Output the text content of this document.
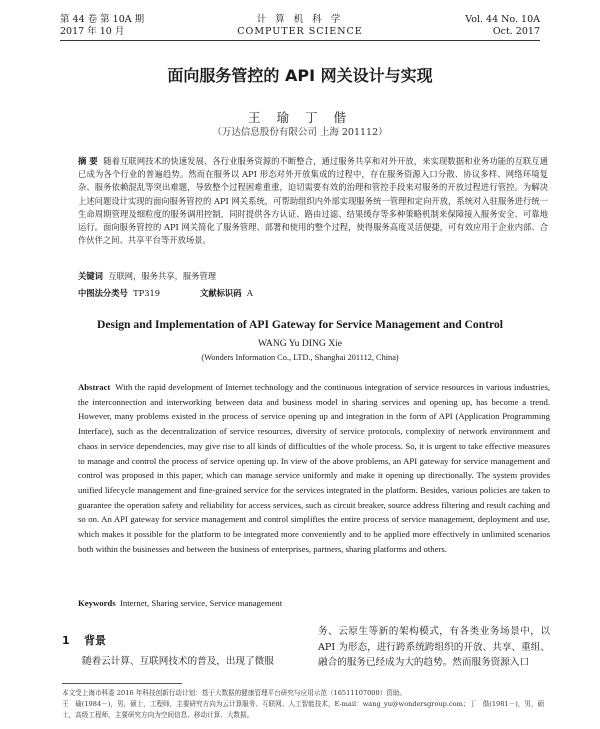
第 44 卷 第 10A 期
2017 年 10 月
计 算 机 科 学
COMPUTER SCIENCE
Vol. 44 No. 10A
Oct. 2017
面向服务管控的 API 网关设计与实现
王 瑜 丁 偕
（万达信息股份有限公司 上海 201112）
摘 要 随着互联网技术的快速发展、各行业服务资源的不断整合，通过服务共享和对外开放，来实现数据和业务功能的互联互通已成为各个行业的普遍趋势。然而在服务以 API 形态对外开放集成的过程中，存在服务资源入口分散、协议多样、网络环境复杂、服务依赖混乱等突出难题，导致整个过程困难重重，迫切需要有效的治理和管控手段来对服务的开放过程进行管控。为解决上述问题设计实现的面向服务管控的 API 网关系统，可帮助组织内外部实现服务统一管理和定向开放，系统对入驻服务进行统一生命周期管理及细粒度的服务调用控制，同时提供各方认证、路由过滤、结果缓存等多种策略机制来保障接入服务安全、可靠地运行。面向服务管控的 API 网关简化了服务管理、部署和使用的整个过程，使得服务高度灵活便捷，可有效应用于企业内部、合作伙伴之间、共享平台等开放场景。
关键词 互联网，服务共享，服务管理
中图法分类号 TP319	文献标识码 A
Design and Implementation of API Gateway for Service Management and Control
WANG Yu DING Xie
(Wonders Information Co., LTD., Shanghai 201112, China)
Abstract With the rapid development of Internet technology and the continuous integration of service resources in various industries, the interconnection and interworking between data and business model in sharing services and opening up, has become a trend. However, many problems existed in the process of service opening up and integration in the form of API (Application Programming Interface), such as the decentralization of service resources, diversity of service protocols, complexity of network environment and chaos in service dependencies, may give rise to all kinds of difficulties of the whole process. So, it is urgent to take effective measures to manage and control the process of service opening up. In view of the above problems, an API gateway for service management and control was proposed in this paper, which can manage service uniformly and make it opening up directionally. The system provides unified lifecycle management and fine-grained service for the services integrated in the platform. Besides, various policies are taken to guarantee the operation safety and reliability for access services, such as circuit breaker, source address filtering and result caching and so on. An API gateway for service management and control simplifies the entire process of service management, deployment and use, which makes it possible for the platform to be integrated more conveniently and to be applied more effectively in unlimited scenarios both within the businesses and between the business of enterprises, partners, sharing platforms and others.
Keywords Internet, Sharing service, Service management
1 背景
随着云计算、互联网技术的普及，出现了微服
务、云原生等新的架构模式，有各类业务场景中，以 API 为形态，进行跨系统跨组织的开放、共享、重组、融合的服务已经成为大的趋势。然而服务资源入口
本文受上海市科委 2016 年科技创新行动计划：基于大数据的健康管理平台研究与应用示范（16511107000）资助。
王　瑜(1984－)，男，硕士，工程师，主要研究方向为云计算服务、互联网、人工智能技术，E-mail：wang_yu@wondersgroup.com；丁　偕(1981－)，男，硕士，高级工程师，主要研究方向为空间信息、移动计算、大数据。
